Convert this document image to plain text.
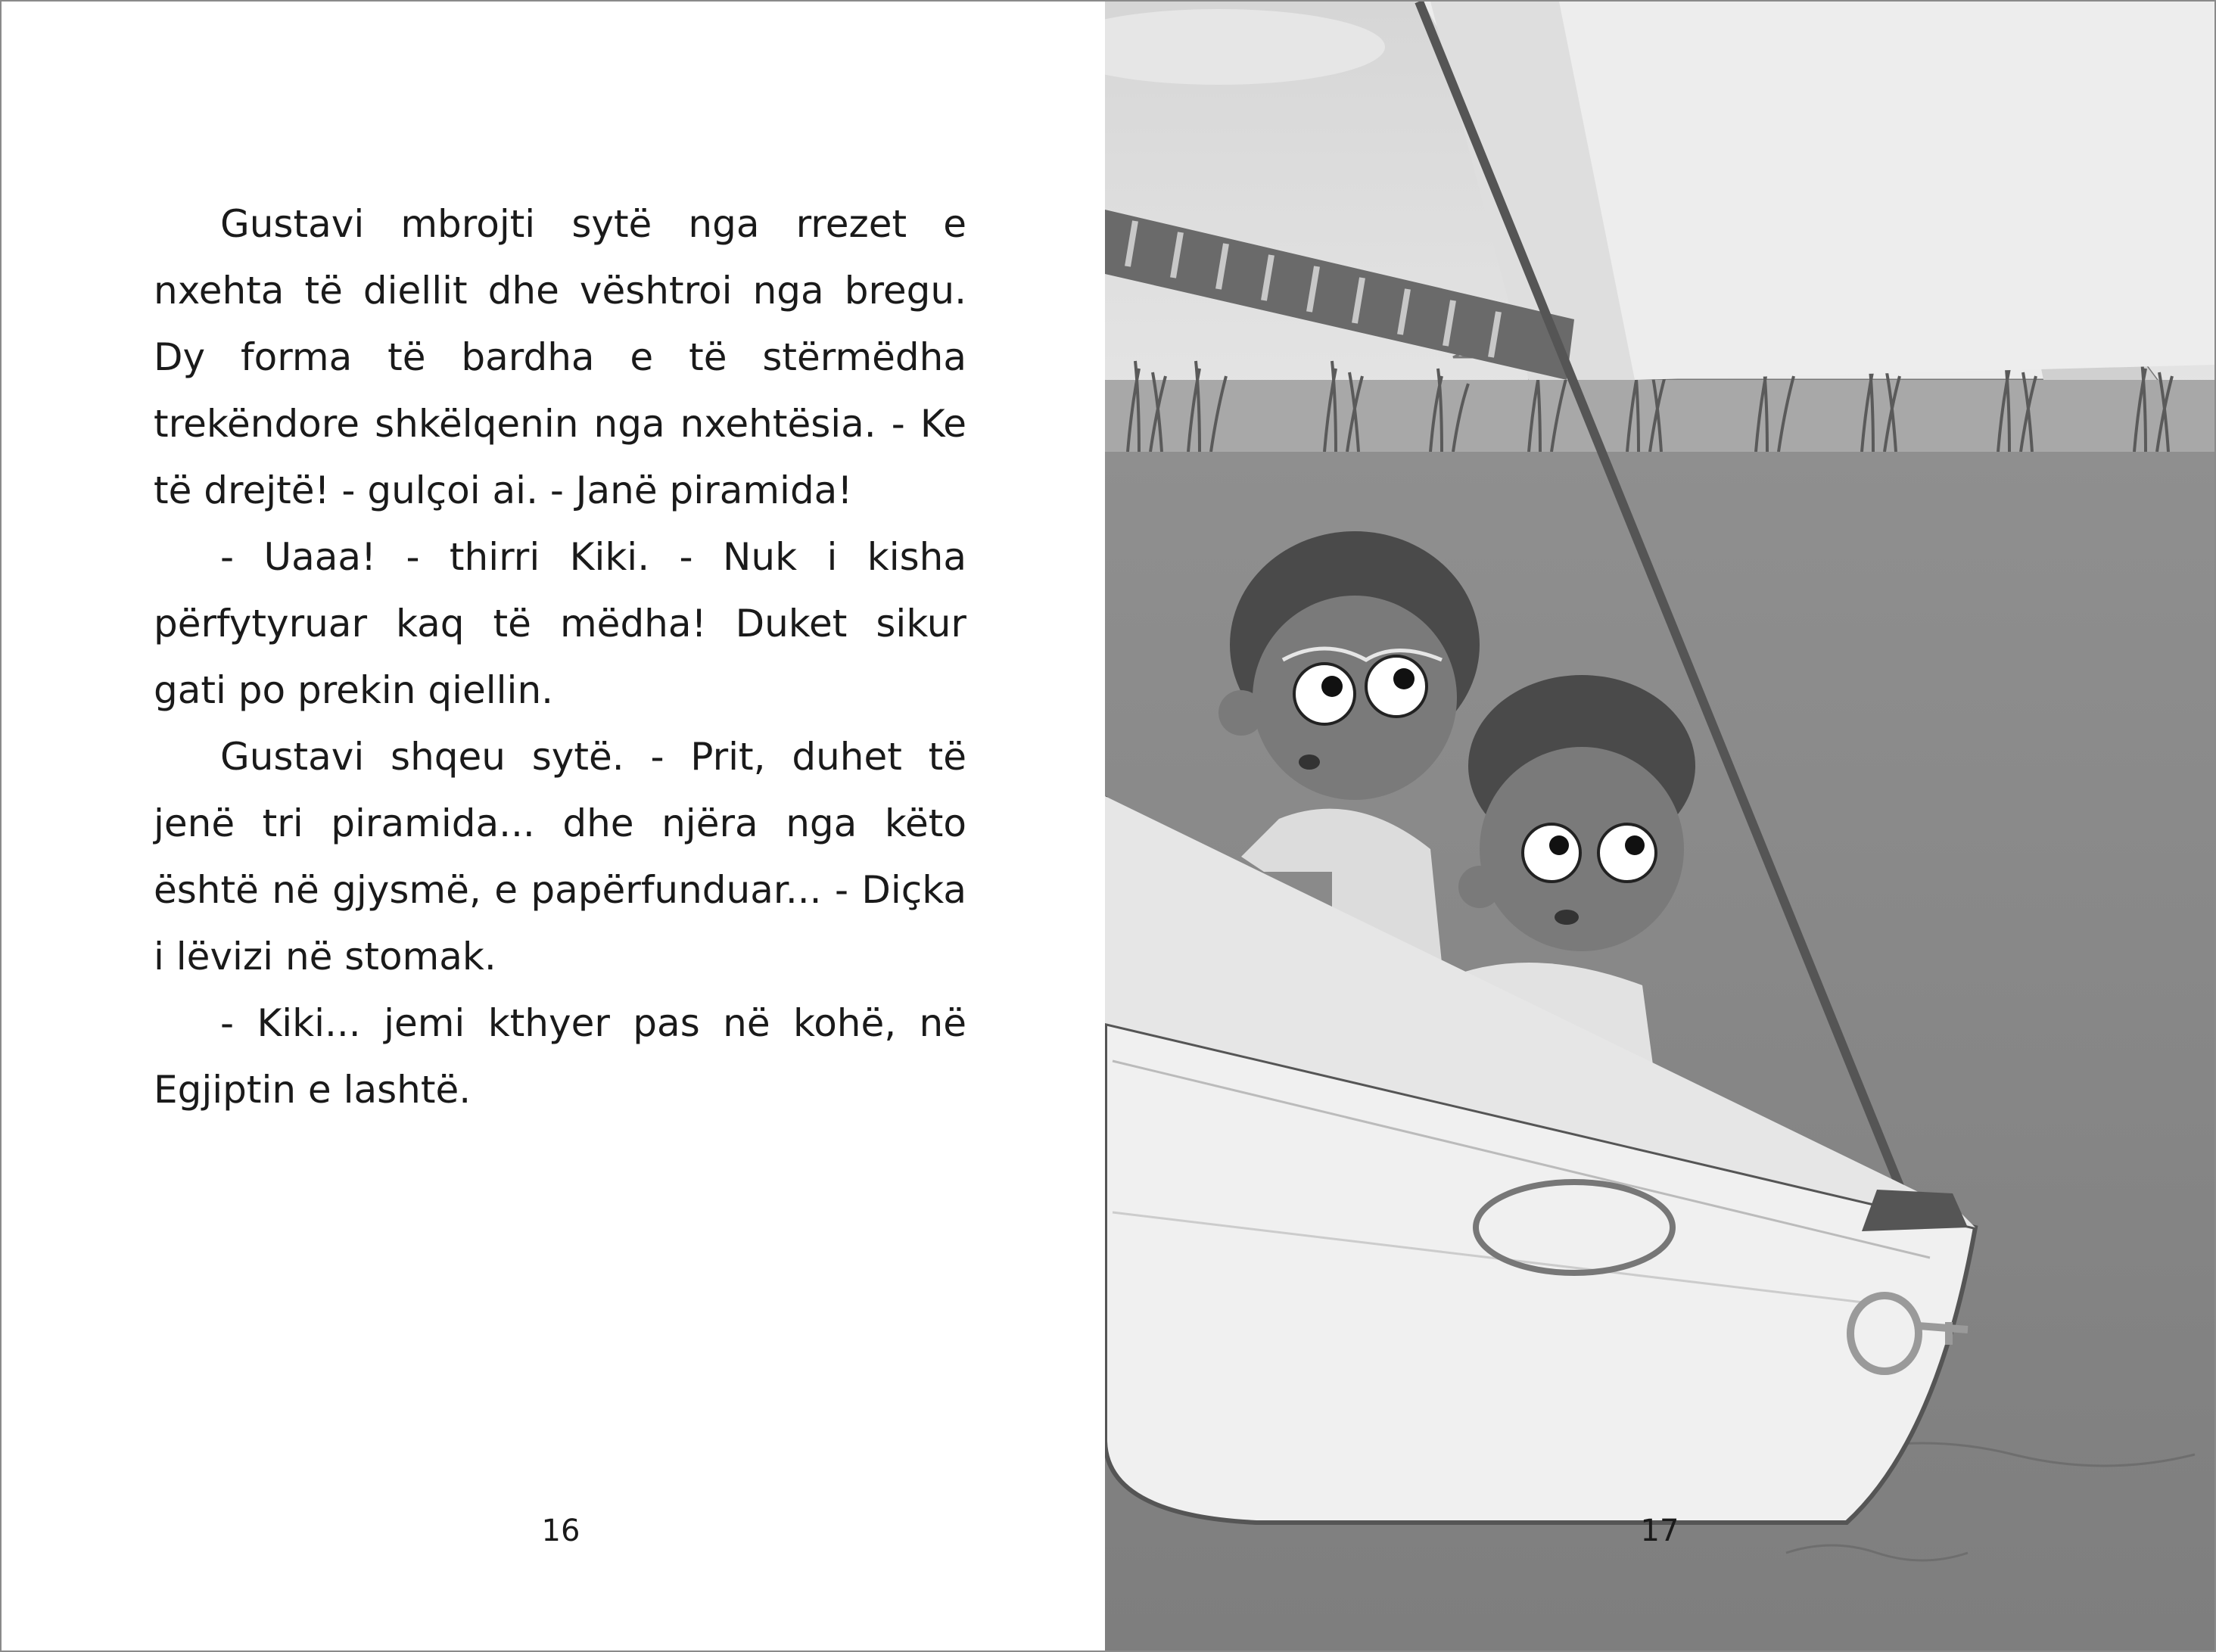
Gustavi mbrojti sytë nga rrezet e nxehta të diellit dhe vështroi nga bregu. Dy forma të bardha e të stërmëdha trekëndore shkëlqenin nga nxehtësia. - Ke të drejtë! - gulçoi ai. - Janë piramida!

- Uaaa! - thirri Kiki. - Nuk i kisha përfytyruar kaq të mëdha! Duket sikur gati po prekin qiellin.

Gustavi shqeu sytë. - Prit, duhet të jenë tri piramida... dhe njëra nga këto është në gjysmë, e papërfunduar... - Diçka i lëvizi në stomak.

- Kiki... jemi kthyer pas në kohë, në Egjiptin e lashtë.

16	17
